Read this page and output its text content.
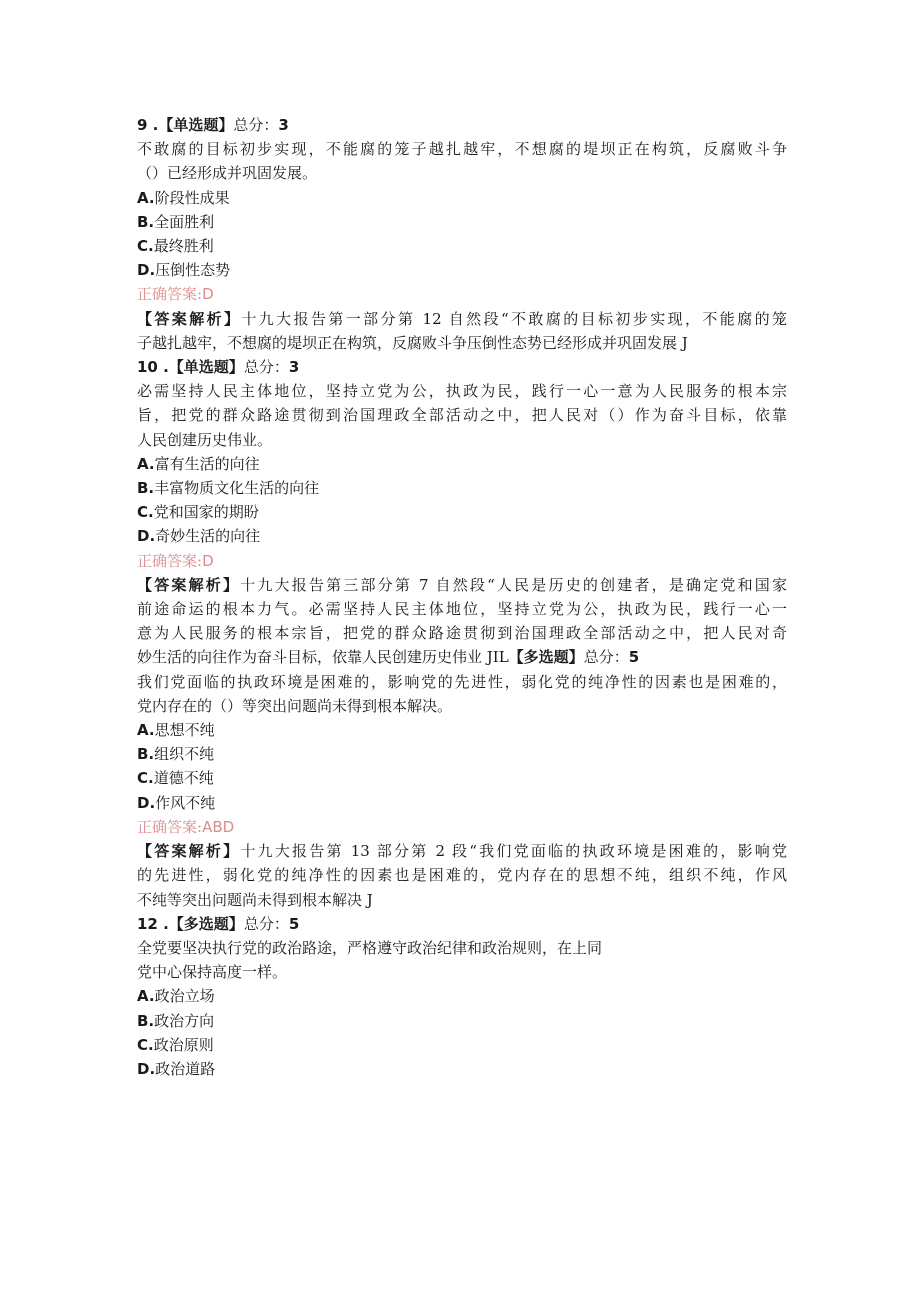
9 .【单选题】总分：3
不敢腐的目标初步实现，不能腐的笼子越扎越牢，不想腐的堤坝正在构筑，反腐败斗争
（）已经形成并巩固发展。
A.阶段性成果
B.全面胜利
C.最终胜利
D.压倒性态势
正确答案:D
【答案解析】十九大报告第一部分第 12 自然段“不敢腐的目标初步实现，不能腐的笼
子越扎越牢，不想腐的堤坝正在构筑，反腐败斗争压倒性态势已经形成并巩固发展 J
10 .【单选题】总分：3
必需坚持人民主体地位，坚持立党为公，执政为民，践行一心一意为人民服务的根本宗
旨，把党的群众路途贯彻到治国理政全部活动之中，把人民对（）作为奋斗目标，依靠
人民创建历史伟业。
A.富有生活的向往
B.丰富物质文化生活的向往
C.党和国家的期盼
D.奇妙生活的向往
正确答案:D
【答案解析】十九大报告第三部分第 7 自然段“人民是历史的创建者，是确定党和国家
前途命运的根本力气。必需坚持人民主体地位，坚持立党为公，执政为民，践行一心一
意为人民服务的根本宗旨，把党的群众路途贯彻到治国理政全部活动之中，把人民对奇
妙生活的向往作为奋斗目标，依靠人民创建历史伟业 JIL【多选题】总分：5
我们党面临的执政环境是困难的，影响党的先进性，弱化党的纯净性的因素也是困难的，
党内存在的（）等突出问题尚未得到根本解决。
A.思想不纯
B.组织不纯
C.道德不纯
D.作风不纯
正确答案:ABD
【答案解析】十九大报告第 13 部分第 2 段“我们党面临的执政环境是困难的，影响党
的先进性，弱化党的纯净性的因素也是困难的，党内存在的思想不纯，组织不纯，作风
不纯等突出问题尚未得到根本解决 J
12 .【多选题】总分：5
全党要坚决执行党的政治路途，严格遵守政治纪律和政治规则，在上同
党中心保持高度一样。
A.政治立场
B.政治方向
C.政治原则
D.政治道路
